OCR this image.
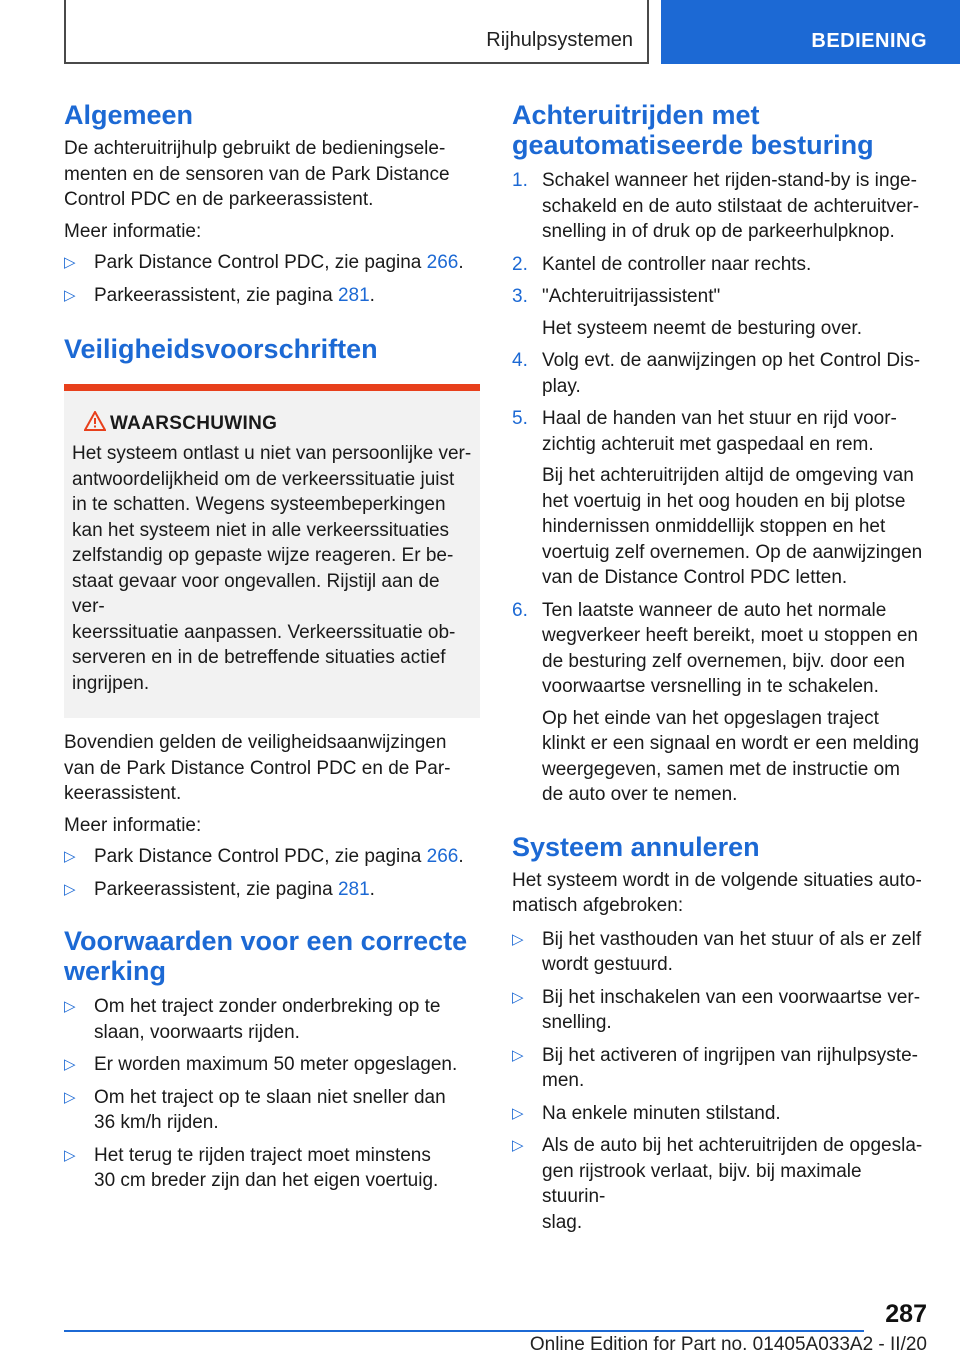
Rijhulpsystemen	BEDIENING
Algemeen

De achteruitrijhulp gebruikt de bedieningsele-
menten en de sensoren van de Park Distance
Control PDC en de parkeerassistent.

Meer informatie:

▷ Park Distance Control PDC, zie pagina 266.
▷ Parkeerassistent, zie pagina 281.
Veiligheidsvoorschriften
WAARSCHUWING

Het systeem ontlast u niet van persoonlijke ver-
antwoordelijkheid om de verkeerssituatie juist
in te schatten. Wegens systeembeperkingen
kan het systeem niet in alle verkeerssituaties
zelfstandig op gepaste wijze reageren. Er be-
staat gevaar voor ongevallen. Rijstijl aan de ver-
keerssituatie aanpassen. Verkeerssituatie ob-
serveren en in de betreffende situaties actief
ingrijpen.

Bovendien gelden de veiligheidsaanwijzingen
van de Park Distance Control PDC en de Par-
keerassistent.

Meer informatie:

▷ Park Distance Control PDC, zie pagina 266.
▷ Parkeerassistent, zie pagina 281.
Voorwaarden voor een correcte
werking
▷ Om het traject zonder onderbreking op te
slaan, voorwaarts rijden.
▷ Er worden maximum 50 meter opgeslagen.
▷ Om het traject op te slaan niet sneller dan
36 km/h rijden.
▷ Het terug te rijden traject moet minstens
30 cm breder zijn dan het eigen voertuig.
Achteruitrijden met
geautomatiseerde besturing
1. Schakel wanneer het rijden-stand-by is inge-
schakeld en de auto stilstaat de achteruitver-
snelling in of druk op de parkeerhulpknop.
2. Kantel de controller naar rechts.
3. "Achteruitrijassistent"
Het systeem neemt de besturing over.
4. Volg evt. de aanwijzingen op het Control Dis-
play.
5. Haal de handen van het stuur en rijd voor-
zichtig achteruit met gaspedaal en rem.
Bij het achteruitrijden altijd de omgeving van
het voertuig in het oog houden en bij plotse
hindernissen onmiddellijk stoppen en het
voertuig zelf overnemen. Op de aanwijzingen
van de Distance Control PDC letten.
6. Ten laatste wanneer de auto het normale
wegverkeer heeft bereikt, moet u stoppen en
de besturing zelf overnemen, bijv. door een
voorwaartse versnelling in te schakelen.
Op het einde van het opgeslagen traject
klinkt er een signaal en wordt er een melding
weergegeven, samen met de instructie om
de auto over te nemen.
Systeem annuleren

Het systeem wordt in de volgende situaties auto-
matisch afgebroken:

▷ Bij het vasthouden van het stuur of als er zelf
wordt gestuurd.
▷ Bij het inschakelen van een voorwaartse ver-
snelling.
▷ Bij het activeren of ingrijpen van rijhulpsyste-
men.
▷ Na enkele minuten stilstand.
▷ Als de auto bij het achteruitrijden de opgesla-
gen rijstrook verlaat, bijv. bij maximale stuurin-
slag.
287
Online Edition for Part no. 01405A033A2 - II/20
